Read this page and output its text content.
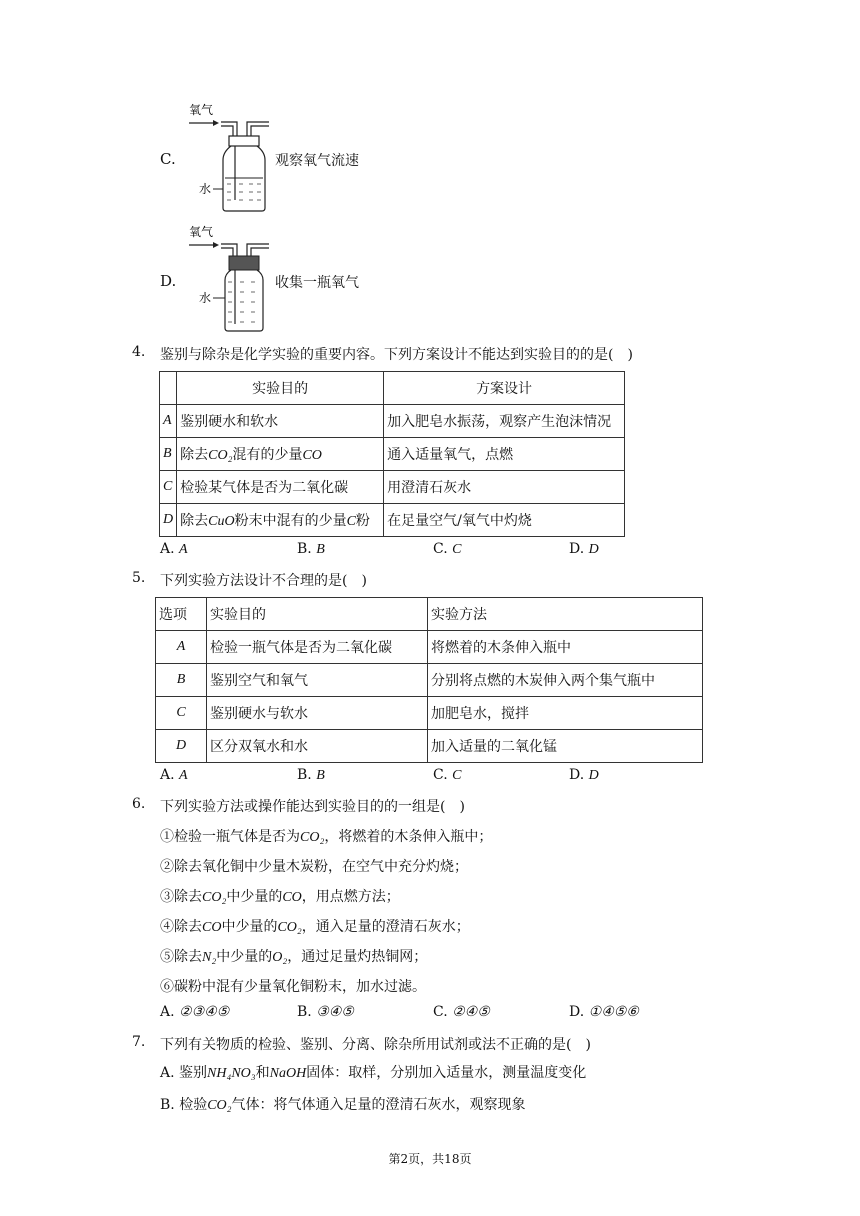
C.
氧气
水
观察氧气流速
D.
氧气
水
收集一瓶氧气
4. 鉴别与除杂是化学实验的重要内容。下列方案设计不能达到实验目的的是(　)
	实验目的	方案设计
A	鉴别硬水和软水	加入肥皂水振荡，观察产生泡沫情况
B	除去CO₂混有的少量CO	通入适量氧气，点燃
C	检验某气体是否为二氧化碳	用澄清石灰水
D	除去CuO粉末中混有的少量C粉	在足量空气/氧气中灼烧
A. A	B. B	C. C	D. D
5. 下列实验方法设计不合理的是(　)
选项	实验目的	实验方法
A	检验一瓶气体是否为二氧化碳	将燃着的木条伸入瓶中
B	鉴别空气和氧气	分别将点燃的木炭伸入两个集气瓶中
C	鉴别硬水与软水	加肥皂水，搅拌
D	区分双氧水和水	加入适量的二氧化锰
A. A	B. B	C. C	D. D
6. 下列实验方法或操作能达到实验目的的一组是(　)
①检验一瓶气体是否为CO₂，将燃着的木条伸入瓶中；
②除去氧化铜中少量木炭粉，在空气中充分灼烧；
③除去CO₂中少量的CO，用点燃方法；
④除去CO中少量的CO₂，通入足量的澄清石灰水；
⑤除去N₂中少量的O₂，通过足量灼热铜网；
⑥碳粉中混有少量氧化铜粉末，加水过滤。
A. ②③④⑤	B. ③④⑤	C. ②④⑤	D. ①④⑤⑥
7. 下列有关物质的检验、鉴别、分离、除杂所用试剂或法不正确的是(　)
A. 鉴别NH₄NO₃和NaOH固体：取样，分别加入适量水，测量温度变化
B. 检验CO₂气体：将气体通入足量的澄清石灰水，观察现象
第2页，共18页
